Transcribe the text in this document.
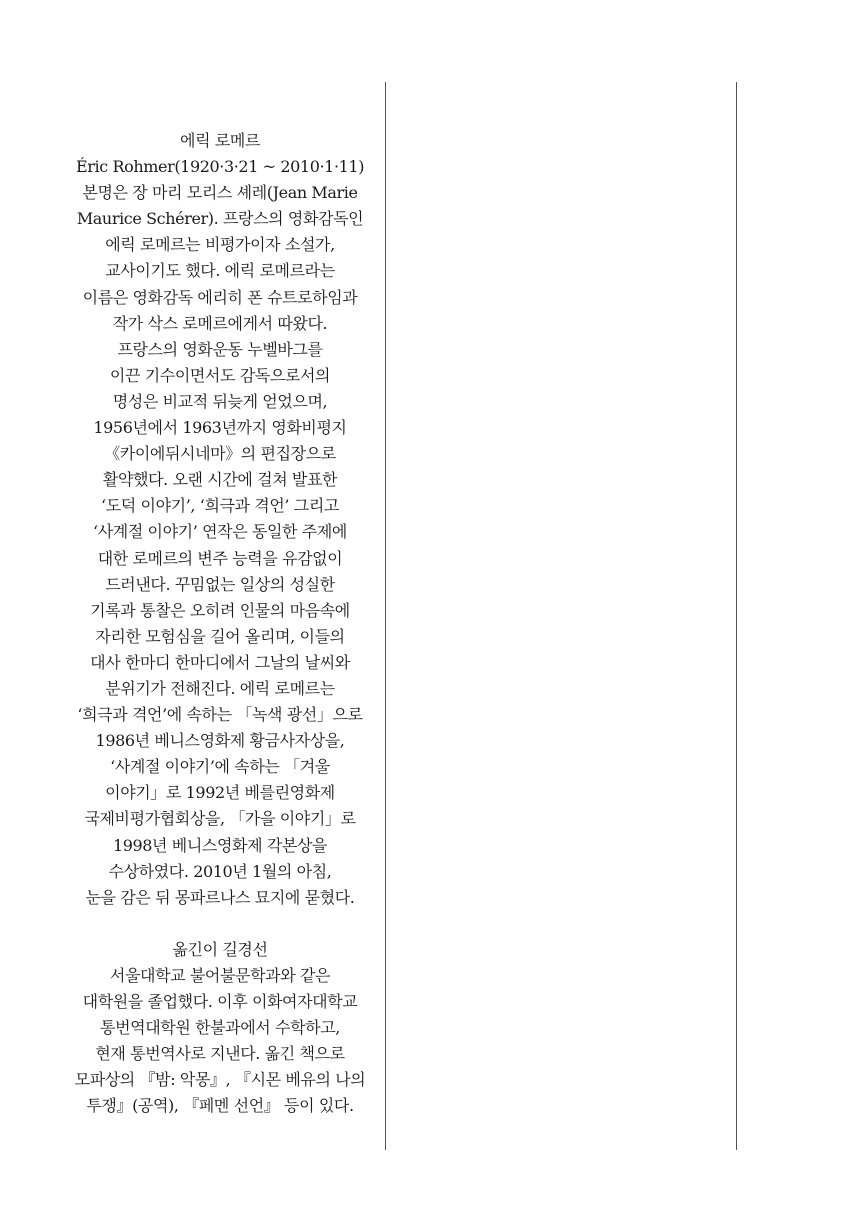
에릭 로메르
Éric Rohmer(1920·3·21 ~ 2010·1·11)
본명은 장 마리 모리스 셰레(Jean Marie
Maurice Schérer). 프랑스의 영화감독인
에릭 로메르는 비평가이자 소설가,
교사이기도 했다. 에릭 로메르라는
이름은 영화감독 에리히 폰 슈트로하임과
작가 삭스 로메르에게서 따왔다.
프랑스의 영화운동 누벨바그를
이끈 기수이면서도 감독으로서의
명성은 비교적 뒤늦게 얻었으며,
1956년에서 1963년까지 영화비평지
《카이에뒤시네마》의 편집장으로
활약했다. 오랜 시간에 걸쳐 발표한
‘도덕 이야기’, ‘희극과 격언’ 그리고
‘사계절 이야기’ 연작은 동일한 주제에
대한 로메르의 변주 능력을 유감없이
드러낸다. 꾸밈없는 일상의 성실한
기록과 통찰은 오히려 인물의 마음속에
자리한 모험심을 길어 올리며, 이들의
대사 한마디 한마디에서 그날의 날씨와
분위기가 전해진다. 에릭 로메르는
‘희극과 격언’에 속하는 「녹색 광선」으로
1986년 베니스영화제 황금사자상을,
‘사계절 이야기’에 속하는 「겨울
이야기」로 1992년 베를린영화제
국제비평가협회상을, 「가을 이야기」로
1998년 베니스영화제 각본상을
수상하였다. 2010년 1월의 아침,
눈을 감은 뒤 몽파르나스 묘지에 묻혔다.
옮긴이 길경선
서울대학교 불어불문학과와 같은
대학원을 졸업했다. 이후 이화여자대학교
통번역대학원 한불과에서 수학하고,
현재 통번역사로 지낸다. 옮긴 책으로
모파상의 『밤: 악몽』, 『시몬 베유의 나의
투쟁』(공역), 『페멘 선언』 등이 있다.
